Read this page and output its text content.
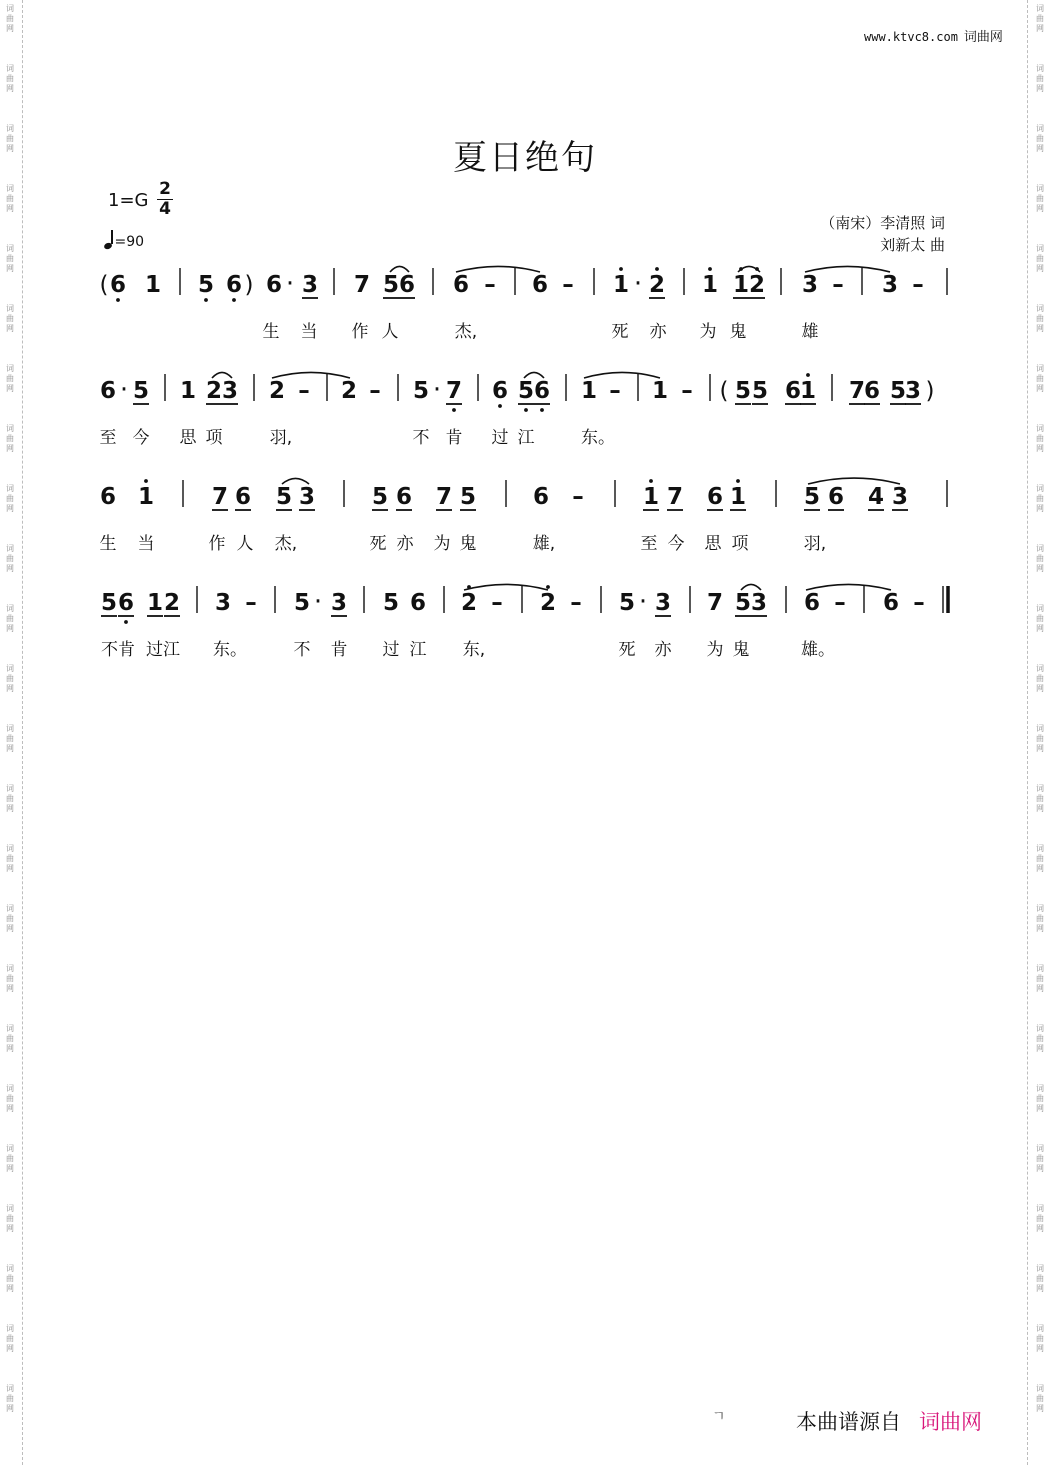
词
曲
网
词
曲
网
词
曲
网
词
曲
网
词
曲
网
词
曲
网
词
曲
网
词
曲
网
词
曲
网
词
曲
网
词
曲
网
词
曲
网
词
曲
网
词
曲
网
词
曲
网
词
曲
网
词
曲
网
词
曲
网
词
曲
网
词
曲
网
词
曲
网
词
曲
网
词
曲
网
词
曲
网
词
曲
网
词
曲
网
词
曲
网
词
曲
网
词
曲
网
词
曲
网
词
曲
网
词
曲
网
词
曲
网
词
曲
网
词
曲
网
词
曲
网
词
曲
网
词
曲
网
词
曲
网
词
曲
网
词
曲
网
词
曲
网
词
曲
网
词
曲
网
词
曲
网
词
曲
网
词
曲
网
词
曲
网
www.ktvc8.com 词曲网
夏日绝句
1=G
2
4
=90
（南宋）李清照 词
刘新太 曲
( 6 1 5 6 ) 6 · 3 7 5 6 6 – 6 – 1 · 2 1 1 2 3 – 3 –
生 当 作 人	杰,	死 亦 为 鬼	雄
6 · 5 1 2 3 2 – 2 – 5 · 7 6 5 6 1 – 1 – ( 5 5 6
1 7
6 5
3 )
至 今 思 项	羽,	不 肯 过 江	东。
6 1	7 6 5 3 5 6 7 5 6 –	1 7 6 1	5 6 4 3
生 当	作 人 杰,	死 亦 为 鬼	雄,	至 今 思 项	羽,
5 6 1 2 3 – 5 · 3 5 6 2 – 2 – 5 · 3 7 5 3 6 – 6 –
不肯 过江 东。	不 肯 过 江 东,	死 亦 为 鬼	雄。
ㄱ	本曲谱源自 词曲网
